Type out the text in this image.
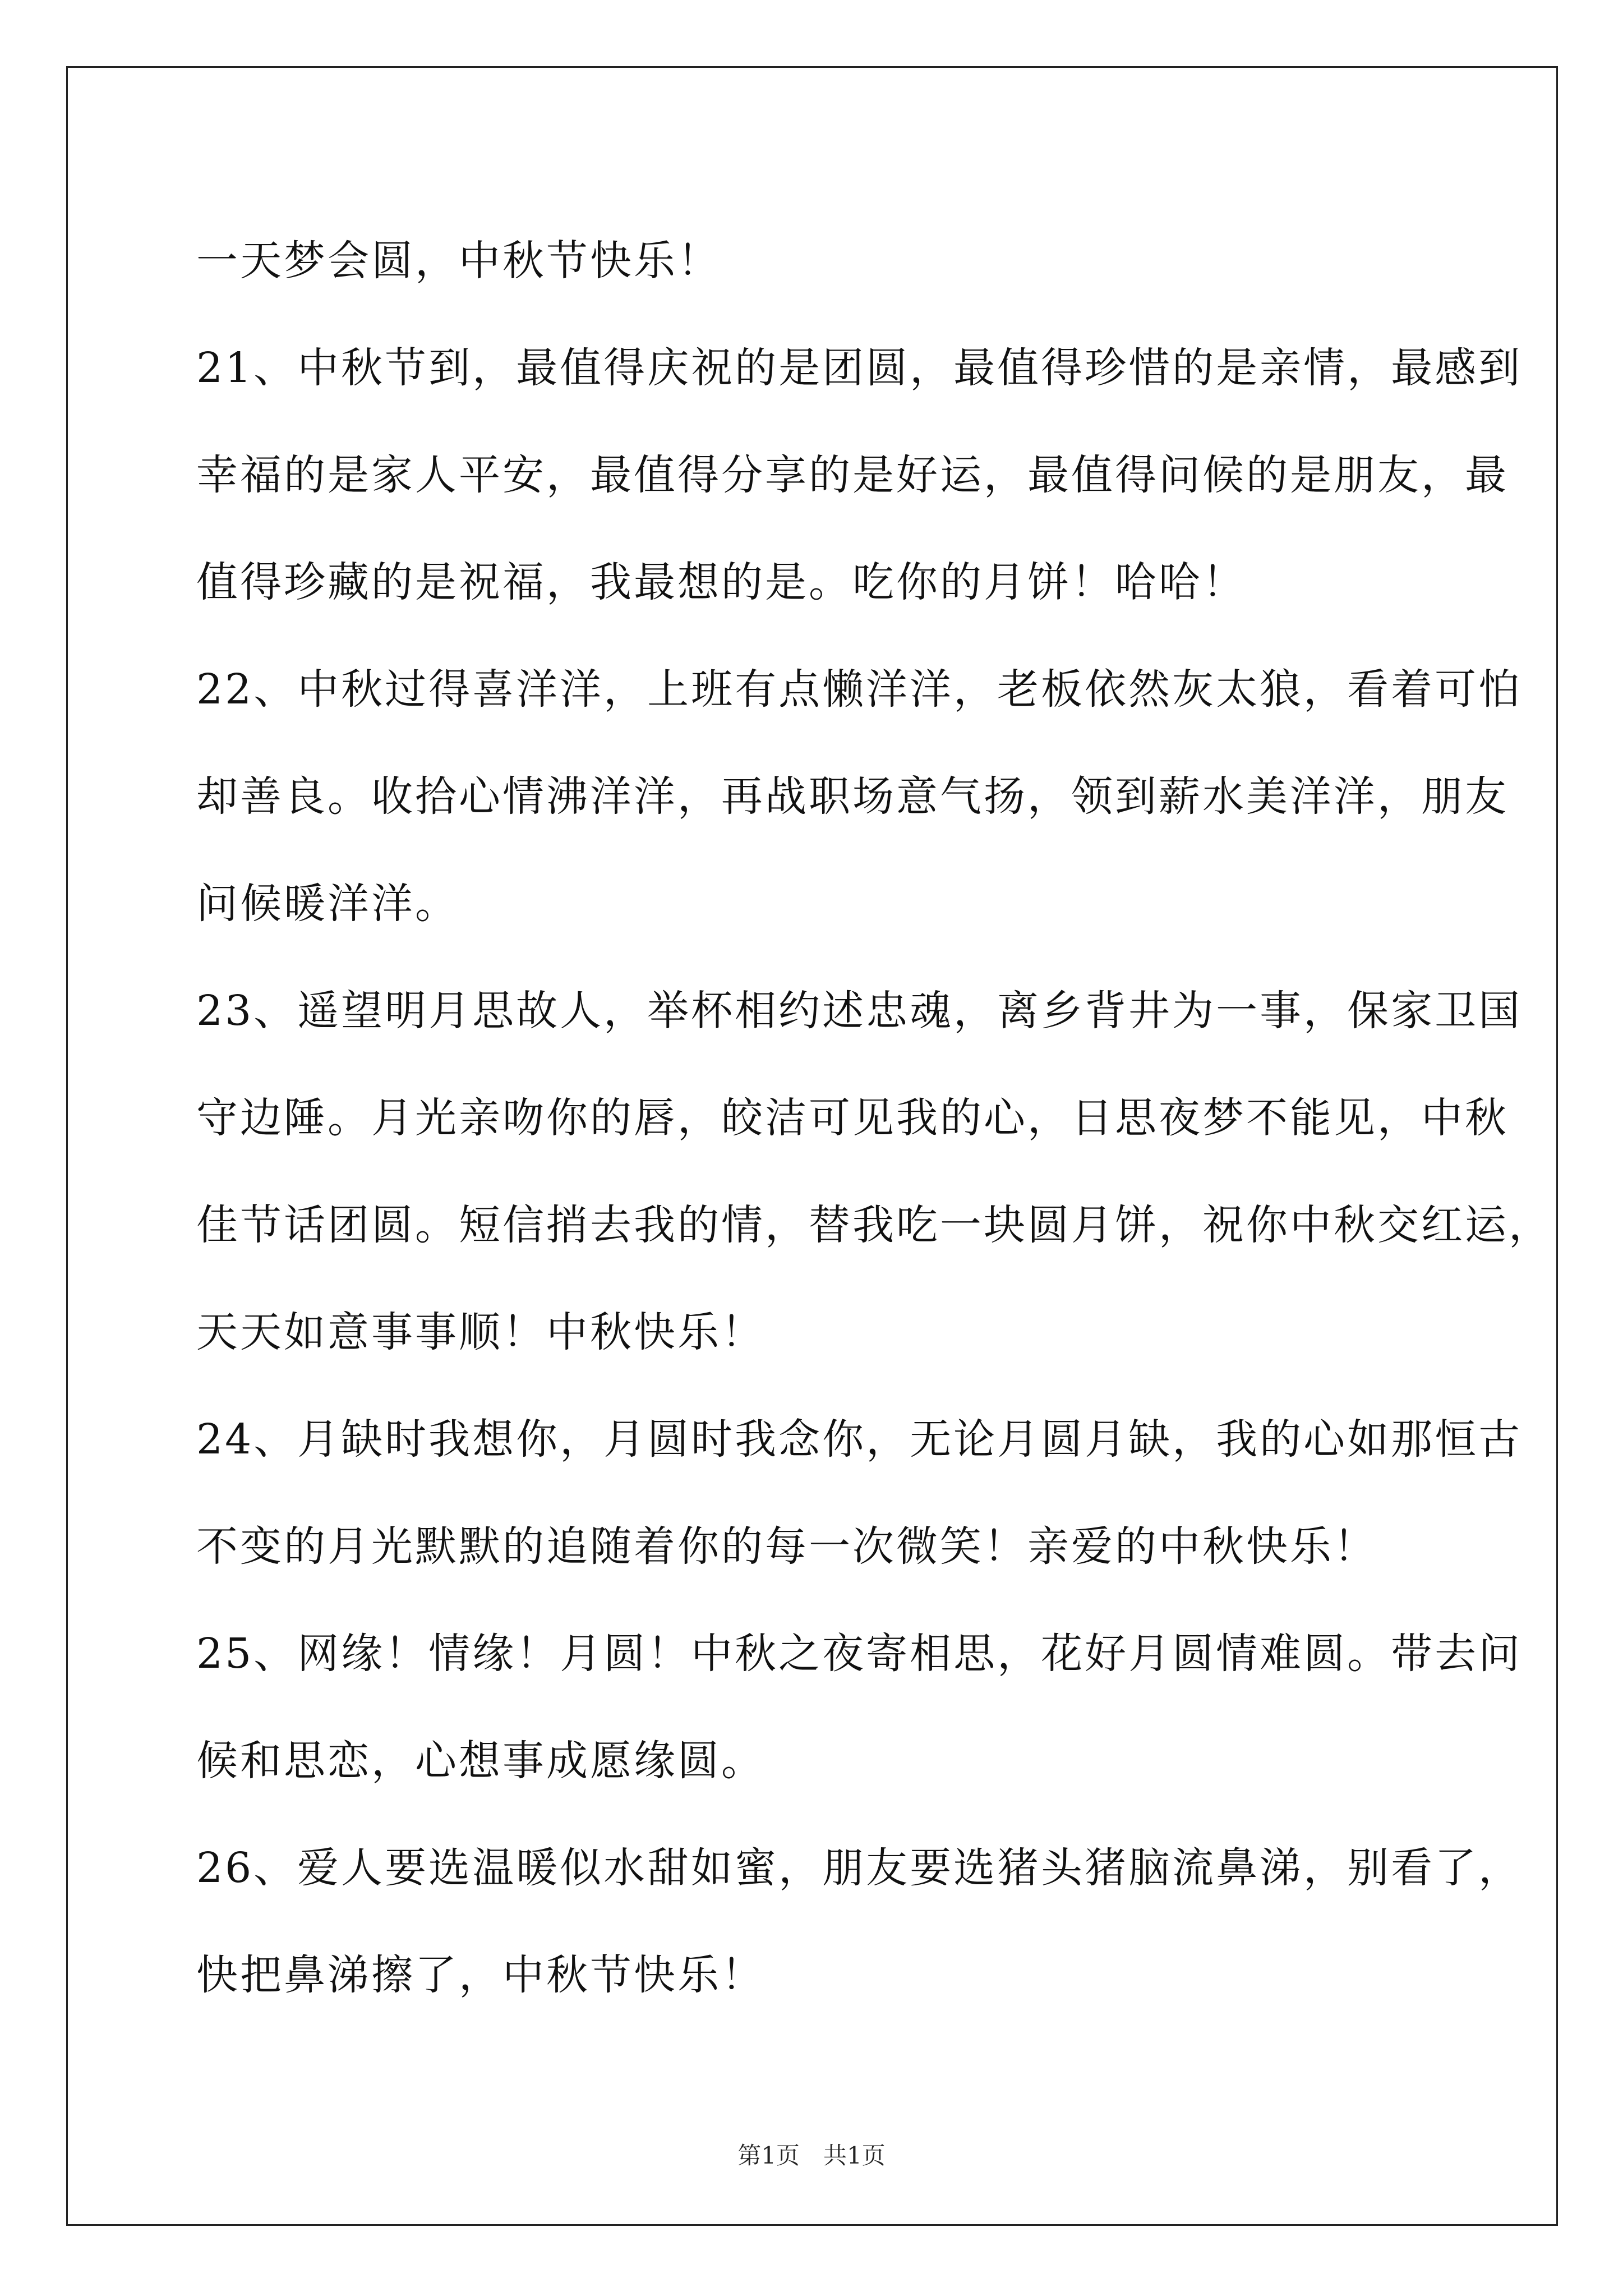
一天梦会圆，中秋节快乐！
21、中秋节到，最值得庆祝的是团圆，最值得珍惜的是亲情，最感到
幸福的是家人平安，最值得分享的是好运，最值得问候的是朋友，最
值得珍藏的是祝福，我最想的是。吃你的月饼！哈哈！
22、中秋过得喜洋洋，上班有点懒洋洋，老板依然灰太狼，看着可怕
却善良。收拾心情沸洋洋，再战职场意气扬，领到薪水美洋洋，朋友
问候暖洋洋。
23、遥望明月思故人，举杯相约述忠魂，离乡背井为一事，保家卫国
守边陲。月光亲吻你的唇，皎洁可见我的心，日思夜梦不能见，中秋
佳节话团圆。短信捎去我的情，替我吃一块圆月饼，祝你中秋交红运，
天天如意事事顺！中秋快乐！
24、月缺时我想你，月圆时我念你，无论月圆月缺，我的心如那恒古
不变的月光默默的追随着你的每一次微笑！亲爱的中秋快乐！
25、网缘！情缘！月圆！中秋之夜寄相思，花好月圆情难圆。带去问
候和思恋，心想事成愿缘圆。
26、爱人要选温暖似水甜如蜜，朋友要选猪头猪脑流鼻涕，别看了，
快把鼻涕擦了，中秋节快乐！
第1页　共1页
